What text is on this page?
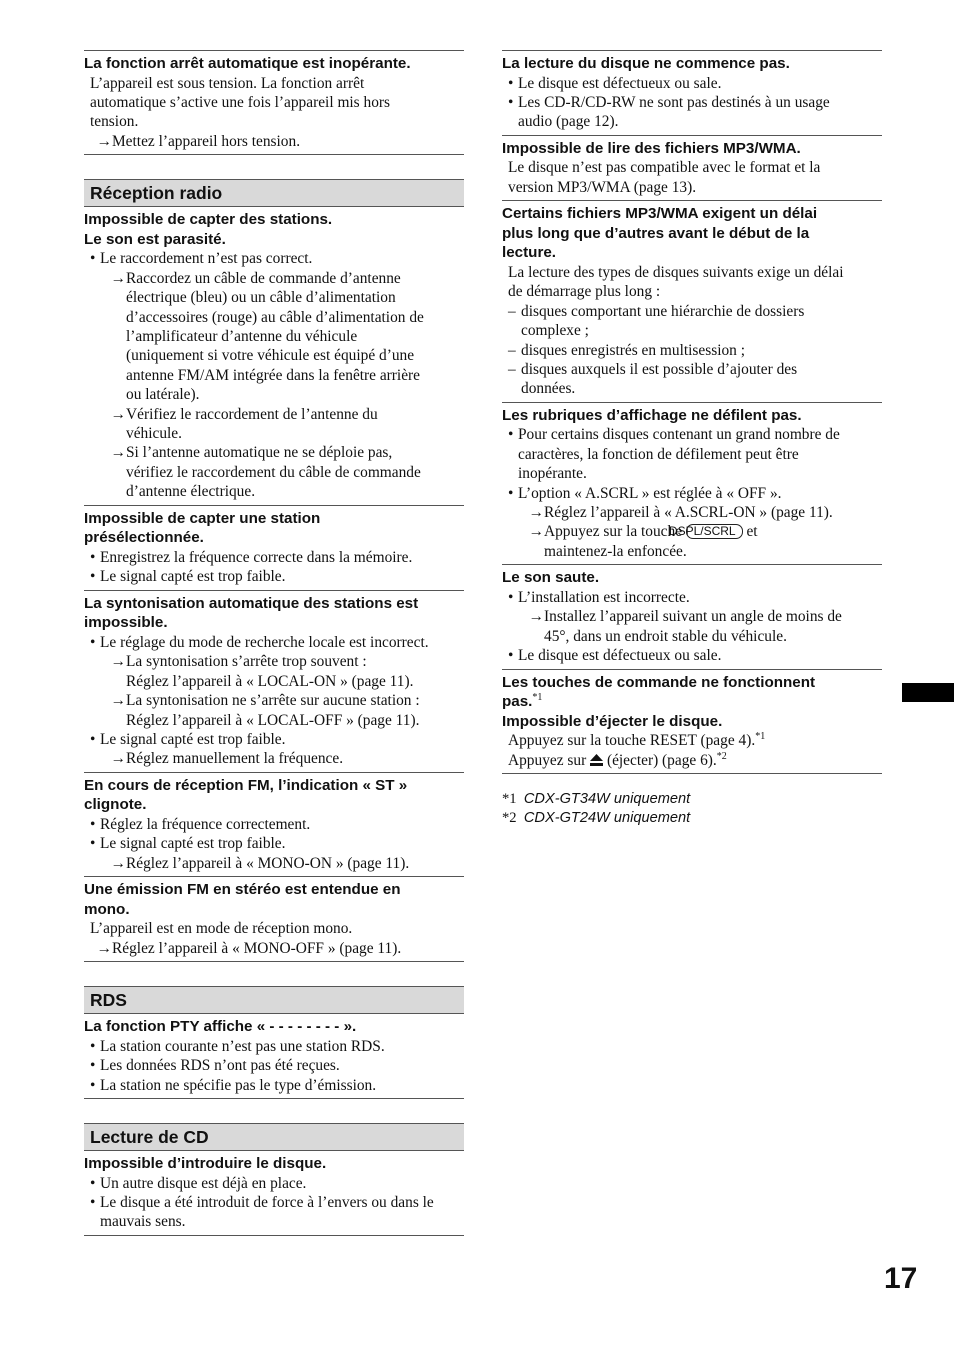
La fonction arrêt automatique est inopérante.
L’appareil est sous tension. La fonction arrêt
automatique s’active une fois l’appareil mis hors
tension.
→ Mettez l’appareil hors tension.
Réception radio
Impossible de capter des stations.
Le son est parasité.
• Le raccordement n’est pas correct.
→ Raccordez un câble de commande d’antenne
électrique (bleu) ou un câble d’alimentation
d’accessoires (rouge) au câble d’alimentation de
l’amplificateur d’antenne du véhicule
(uniquement si votre véhicule est équipé d’une
antenne FM/AM intégrée dans la fenêtre arrière
ou latérale).
→ Vérifiez le raccordement de l’antenne du
véhicule.
→ Si l’antenne automatique ne se déploie pas,
vérifiez le raccordement du câble de commande
d’antenne électrique.
Impossible de capter une station
présélectionnée.
• Enregistrez la fréquence correcte dans la mémoire.
• Le signal capté est trop faible.
La syntonisation automatique des stations est
impossible.
• Le réglage du mode de recherche locale est incorrect.
→ La syntonisation s’arrête trop souvent :
Réglez l’appareil à « LOCAL-ON » (page 11).
→ La syntonisation ne s’arrête sur aucune station :
Réglez l’appareil à « LOCAL-OFF » (page 11).
• Le signal capté est trop faible.
→ Réglez manuellement la fréquence.
En cours de réception FM, l’indication « ST »
clignote.
• Réglez la fréquence correctement.
• Le signal capté est trop faible.
→ Réglez l’appareil à « MONO-ON » (page 11).
Une émission FM en stéréo est entendue en
mono.
L’appareil est en mode de réception mono.
→ Réglez l’appareil à « MONO-OFF » (page 11).
RDS
La fonction PTY affiche « - - - - - - - - ».
• La station courante n’est pas une station RDS.
• Les données RDS n’ont pas été reçues.
• La station ne spécifie pas le type d’émission.
Lecture de CD
Impossible d’introduire le disque.
• Un autre disque est déjà en place.
• Le disque a été introduit de force à l’envers ou dans le
mauvais sens.
La lecture du disque ne commence pas.
• Le disque est défectueux ou sale.
• Les CD-R/CD-RW ne sont pas destinés à un usage
audio (page 12).
Impossible de lire des fichiers MP3/WMA.
Le disque n’est pas compatible avec le format et la
version MP3/WMA (page 13).
Certains fichiers MP3/WMA exigent un délai
plus long que d’autres avant le début de la
lecture.
La lecture des types de disques suivants exige un délai
de démarrage plus long :
– disques comportant une hiérarchie de dossiers
complexe ;
– disques enregistrés en multisession ;
– disques auxquels il est possible d’ajouter des
données.
Les rubriques d’affichage ne défilent pas.
• Pour certains disques contenant un grand nombre de
caractères, la fonction de défilement peut être
inopérante.
• L’option « A.SCRL » est réglée à « OFF ».
→ Réglez l’appareil à « A.SCRL-ON » (page 11).
→ Appuyez sur la touche DSPL/SCRL et
maintenez-la enfoncée.
Le son saute.
• L’installation est incorrecte.
→ Installez l’appareil suivant un angle de moins de
45°, dans un endroit stable du véhicule.
• Le disque est défectueux ou sale.
Les touches de commande ne fonctionnent
pas.$^{*1}$
Impossible d’éjecter le disque.
Appuyez sur la touche RESET (page 4).$^{*1}$
Appuyez sur (éjecter) (page 6).$^{*2}$
*1 CDX-GT34W uniquement
*2 CDX-GT24W uniquement
17
